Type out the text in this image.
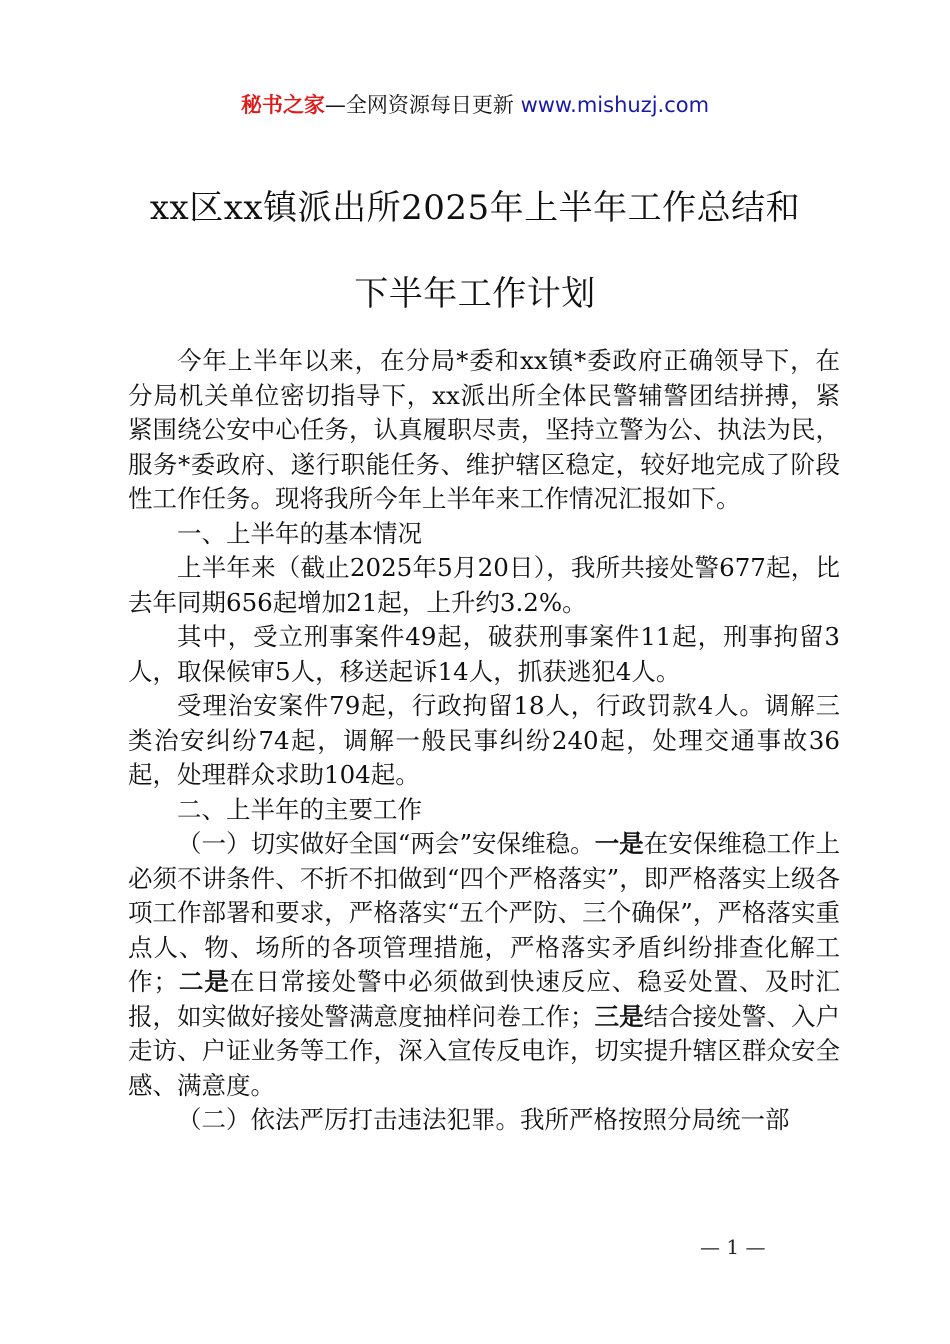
秘书之家—全网资源每日更新 www.mishuzj.com
xx区xx镇派出所2025年上半年工作总结和
下半年工作计划

今年上半年以来，在分局*委和xx镇*委政府正确领导下，在分局机关单位密切指导下，xx派出所全体民警辅警团结拼搏，紧紧围绕公安中心任务，认真履职尽责，坚持立警为公、执法为民，服务*委政府、遂行职能任务、维护辖区稳定，较好地完成了阶段性工作任务。现将我所今年上半年来工作情况汇报如下。

一、上半年的基本情况

上半年来（截止2025年5月20日），我所共接处警677起，比去年同期656起增加21起，上升约3.2%。

其中，受立刑事案件49起，破获刑事案件11起，刑事拘留3人，取保候审5人，移送起诉14人，抓获逃犯4人。

受理治安案件79起，行政拘留18人，行政罚款4人。调解三类治安纠纷74起，调解一般民事纠纷240起，处理交通事故36起，处理群众求助104起。

二、上半年的主要工作

（一）切实做好全国“两会”安保维稳。一是在安保维稳工作上必须不讲条件、不折不扣做到“四个严格落实”，即严格落实上级各项工作部署和要求，严格落实“五个严防、三个确保”，严格落实重点人、物、场所的各项管理措施，严格落实矛盾纠纷排查化解工作；二是在日常接处警中必须做到快速反应、稳妥处置、及时汇报，如实做好接处警满意度抽样问卷工作；三是结合接处警、入户走访、户证业务等工作，深入宣传反电诈，切实提升辖区群众安全感、满意度。

（二）依法严厉打击违法犯罪。我所严格按照分局统一部

— 1 —
